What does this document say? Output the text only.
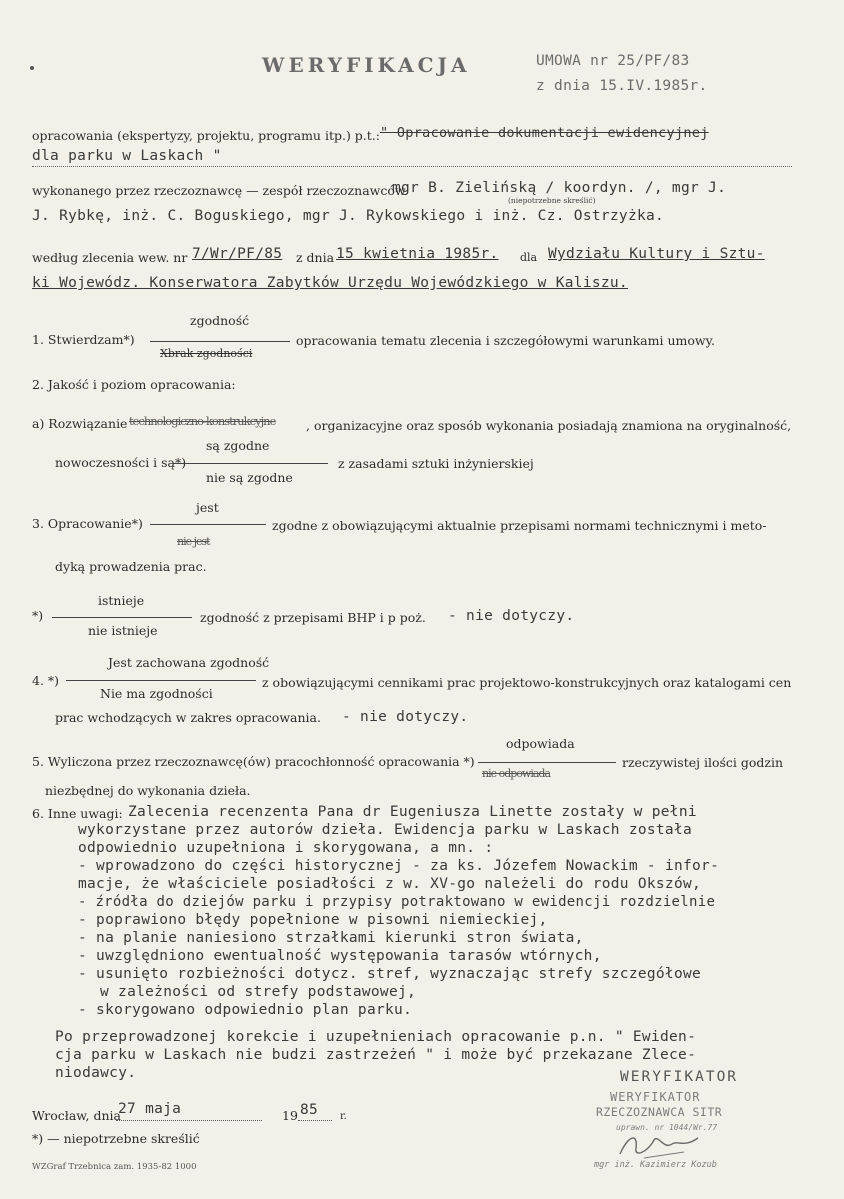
WERYFIKACJA	UMOWA nr 25/PF/83
z dnia 15.IV.1985r.
opracowania (ekspertyzy, projektu, programu itp.) p.t.: " Opracowanie dokumentacji ewidencyjnej
dla parku w Laskach "
wykonanego przez rzeczoznawcę — zespół rzeczoznawców
mgr B. Zielińską / koordyn. /, mgr J.
(niepotrzebne skreślić)
J. Rybkę, inż. C. Boguskiego, mgr J. Rykowskiego i inż. Cz. Ostrzyżka.
według zlecenia wew. nr 7/Wr/PF/85 z dnia 15 kwietnia 1985r. dla Wydziału Kultury i Sztu-
ki Wojewódz. Konserwatora Zabytków Urzędu Wojewódzkiego w Kaliszu.
zgodność
1. Stwierdzam*)	opracowania tematu zlecenia i szczegółowymi warunkami umowy.
Xbrak zgodności
2. Jakość i poziom opracowania:
a) Rozwiązanie technologiczno-konstrukcyjne , organizacyjne oraz sposób wykonania posiadają znamiona na oryginalność,
są zgodne
nowoczesności i są*)	z zasadami sztuki inżynierskiej
nie są zgodne
jest
3. Opracowanie*)	zgodne z obowiązującymi aktualnie przepisami normami technicznymi i meto-
nie jest
dyką prowadzenia prac.
istnieje
*)	zgodność z przepisami BHP i p poż. - nie dotyczy.
nie istnieje
Jest zachowana zgodność
4. *)	z obowiązującymi cennikami prac projektowo-konstrukcyjnych oraz katalogami cen
Nie ma zgodności
prac wchodzących w zakres opracowania. - nie dotyczy.
odpowiada
5. Wyliczona przez rzeczoznawcę(ów) pracochłonność opracowania *)	rzeczywistej ilości godzin
nie odpowiada
niezbędnej do wykonania dzieła.
6. Inne uwagi: Zalecenia recenzenta Pana dr Eugeniusza Linette zostały w pełni
wykorzystane przez autorów dzieła. Ewidencja parku w Laskach została
odpowiednio uzupełniona i skorygowana, a mn. :
- wprowadzono do części historycznej - za ks. Józefem Nowackim - infor-
macje, że właściciele posiadłości z w. XV-go należeli do rodu Okszów,
- źródła do dziejów parku i przypisy potraktowano w ewidencji rozdzielnie
- poprawiono błędy popełnione w pisowni niemieckiej,
- na planie naniesiono strzałkami kierunki stron świata,
- uwzględniono ewentualność występowania tarasów wtórnych,
- usunięto rozbieżności dotycz. stref, wyznaczając strefy szczegółowe
w zależności od strefy podstawowej,
- skorygowano odpowiednio plan parku.
Po przeprowadzonej korekcie i uzupełnieniach opracowanie p.n. " Ewiden-
cja parku w Laskach nie budzi zastrzeżeń " i może być przekazane Zlece-
niodawcy.	WERYFIKATOR
WERYFIKATOR
RZECZOZNAWCA SITR
uprawn. nr 1044/Wr.77
mgr inż. Kazimierz Kozub
Wrocław, dnia
27 maja	19 85 r.
*) — niepotrzebne skreślić
WZGraf Trzebnica zam. 1935-82 1000
